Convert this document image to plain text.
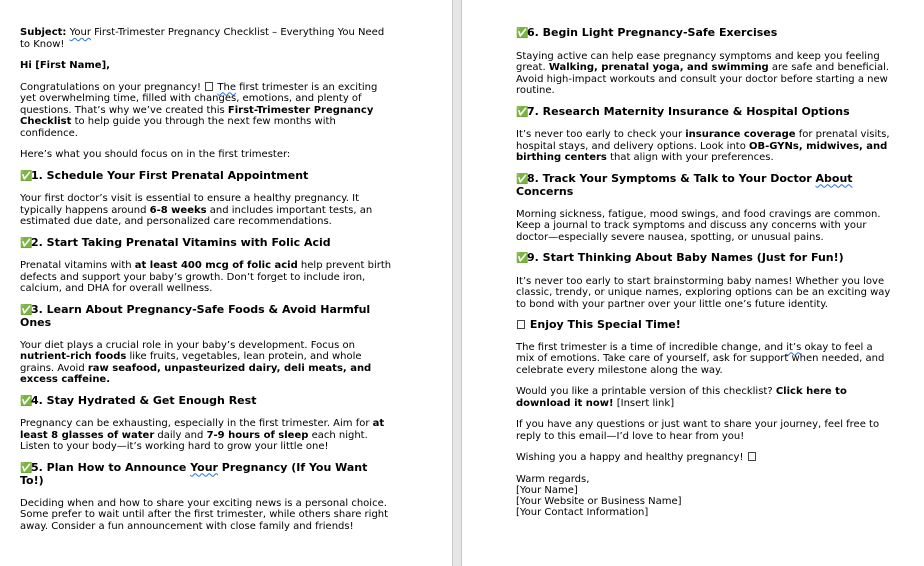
Subject: Your First-Trimester Pregnancy Checklist – Everything You Need to Know!

Hi [First Name],

Congratulations on your pregnancy! The first trimester is an exciting yet overwhelming time, filled with changes, emotions, and plenty of questions. That’s why we’ve created this First-Trimester Pregnancy Checklist to help guide you through the next few months with confidence.

Here’s what you should focus on in the first trimester:

✅1. Schedule Your First Prenatal Appointment

Your first doctor’s visit is essential to ensure a healthy pregnancy. It typically happens around 6-8 weeks and includes important tests, an estimated due date, and personalized care recommendations.

✅2. Start Taking Prenatal Vitamins with Folic Acid

Prenatal vitamins with at least 400 mcg of folic acid help prevent birth defects and support your baby’s growth. Don’t forget to include iron, calcium, and DHA for overall wellness.

✅3. Learn About Pregnancy-Safe Foods & Avoid Harmful Ones

Your diet plays a crucial role in your baby’s development. Focus on nutrient-rich foods like fruits, vegetables, lean protein, and whole grains. Avoid raw seafood, unpasteurized dairy, deli meats, and excess caffeine.

✅4. Stay Hydrated & Get Enough Rest

Pregnancy can be exhausting, especially in the first trimester. Aim for at least 8 glasses of water daily and 7-9 hours of sleep each night. Listen to your body—it’s working hard to grow your little one!

✅5. Plan How to Announce Your Pregnancy (If You Want To!)

Deciding when and how to share your exciting news is a personal choice. Some prefer to wait until after the first trimester, while others share right away. Consider a fun announcement with close family and friends!

✅6. Begin Light Pregnancy-Safe Exercises

Staying active can help ease pregnancy symptoms and keep you feeling great. Walking, prenatal yoga, and swimming are safe and beneficial. Avoid high-impact workouts and consult your doctor before starting a new routine.

✅7. Research Maternity Insurance & Hospital Options

It’s never too early to check your insurance coverage for prenatal visits, hospital stays, and delivery options. Look into OB-GYNs, midwives, and birthing centers that align with your preferences.

✅8. Track Your Symptoms & Talk to Your Doctor About Concerns

Morning sickness, fatigue, mood swings, and food cravings are common. Keep a journal to track symptoms and discuss any concerns with your doctor—especially severe nausea, spotting, or unusual pains.

✅9. Start Thinking About Baby Names (Just for Fun!)

It’s never too early to start brainstorming baby names! Whether you love classic, trendy, or unique names, exploring options can be an exciting way to bond with your partner over your little one’s future identity.

Enjoy This Special Time!

The first trimester is a time of incredible change, and it’s okay to feel a mix of emotions. Take care of yourself, ask for support when needed, and celebrate every milestone along the way.

Would you like a printable version of this checklist? Click here to download it now! [Insert link]

If you have any questions or just want to share your journey, feel free to reply to this email—I’d love to hear from you!

Wishing you a happy and healthy pregnancy!

Warm regards,

[Your Name]

[Your Website or Business Name]

[Your Contact Information]
